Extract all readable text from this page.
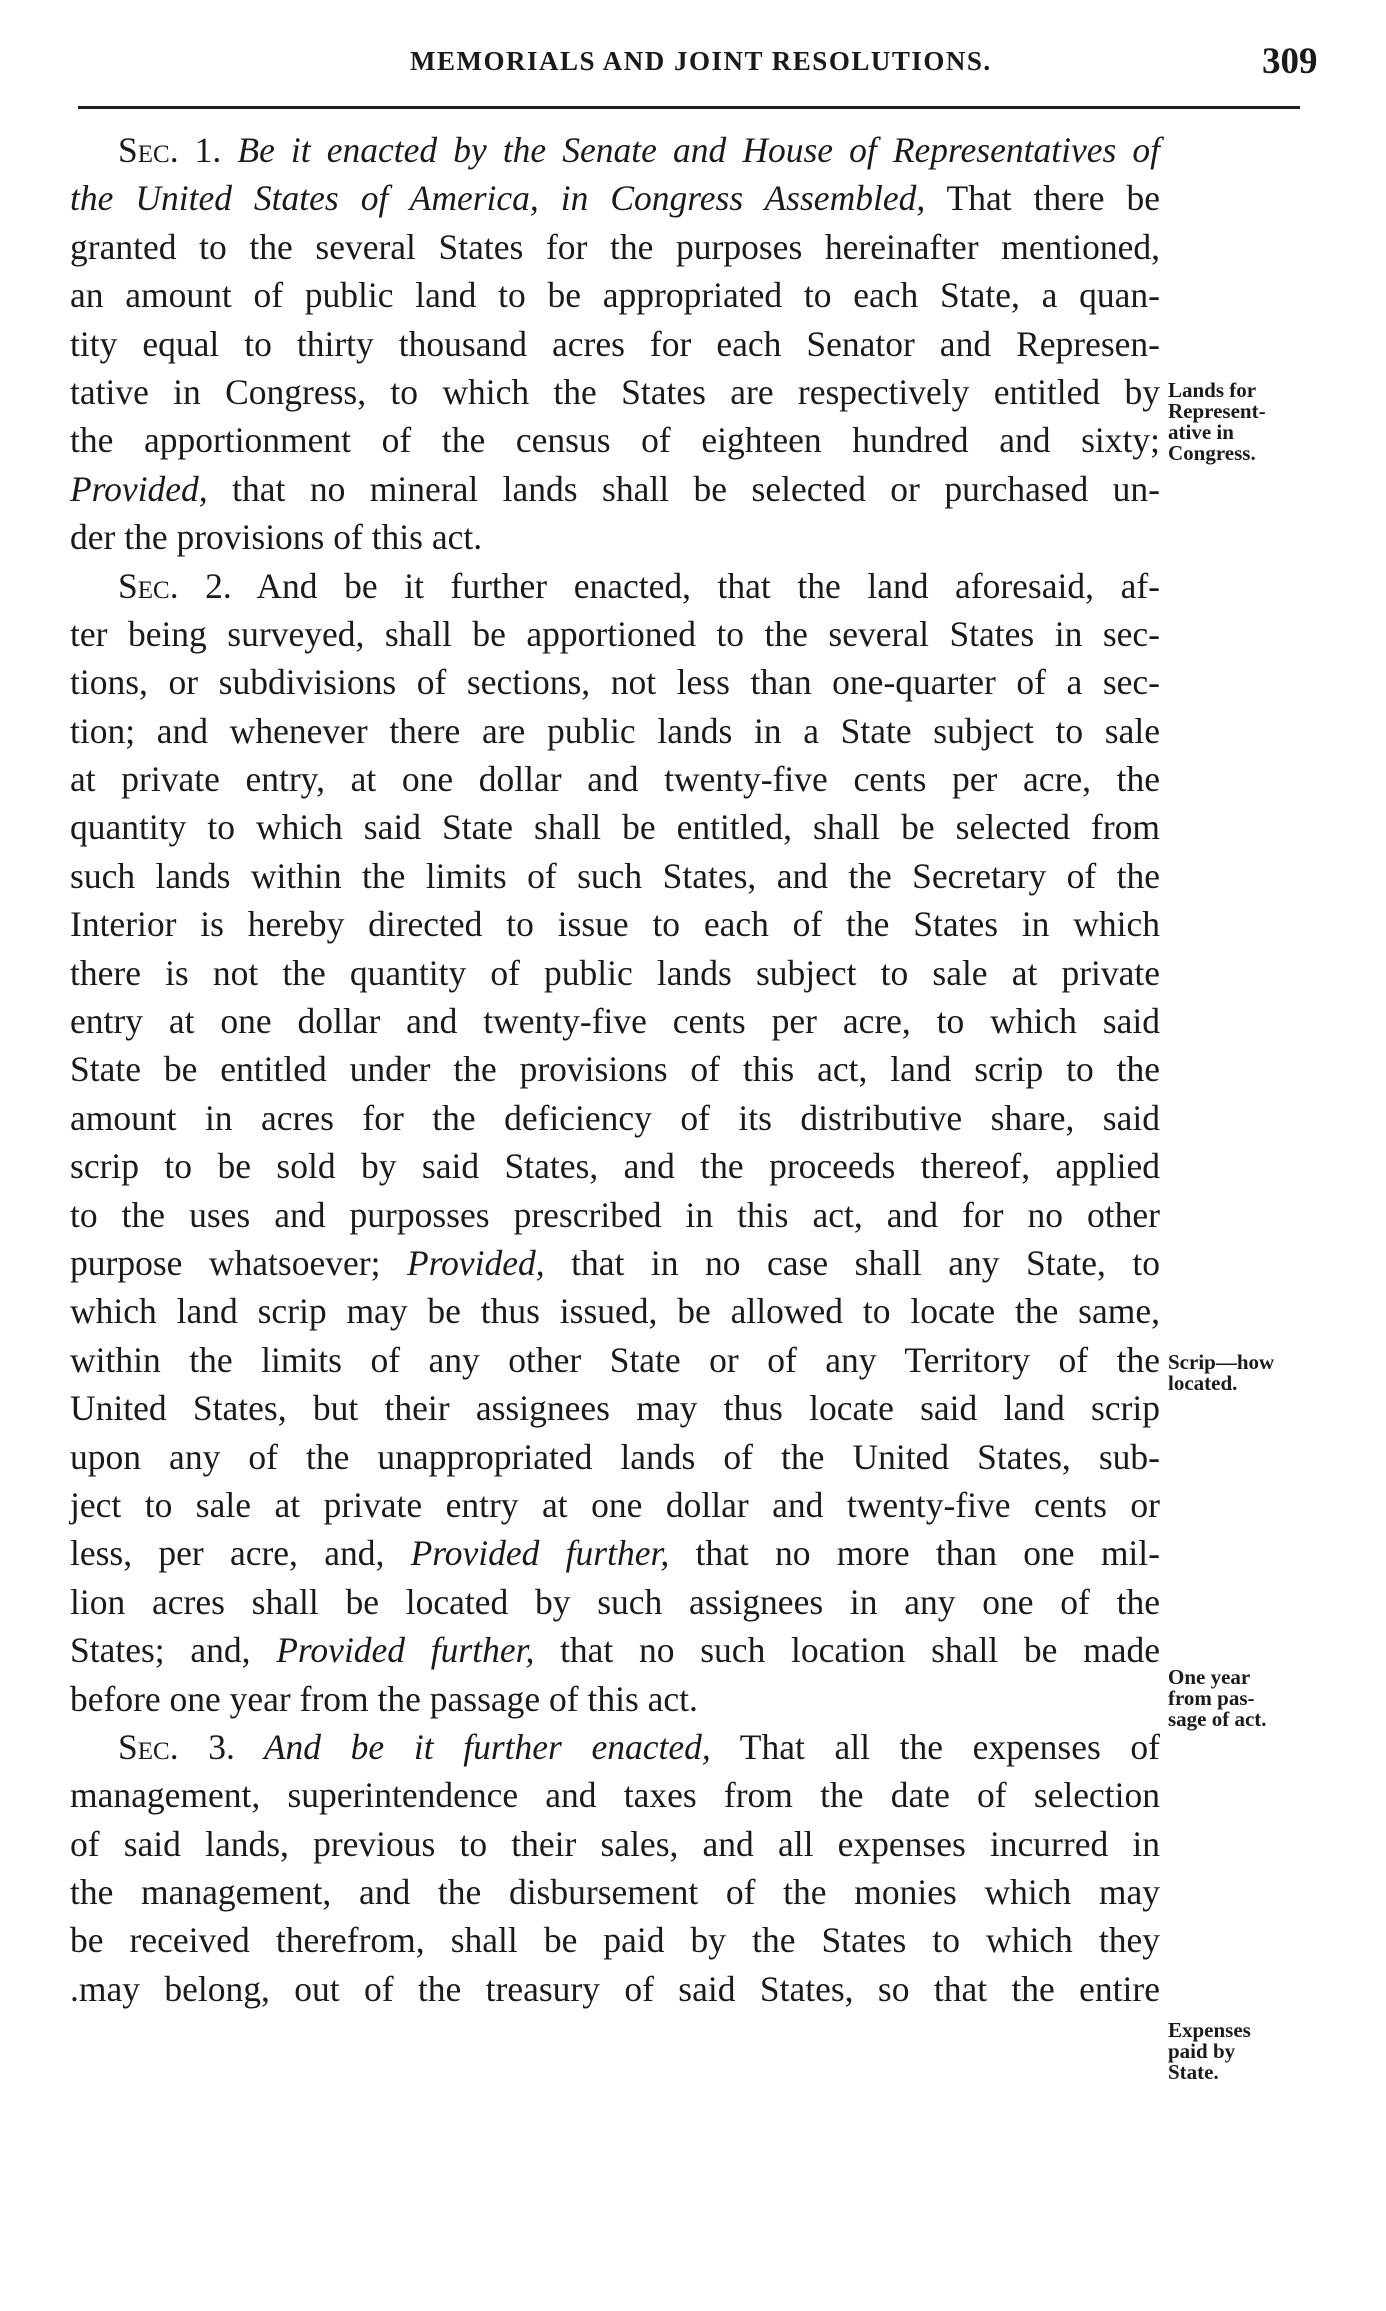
MEMORIALS AND JOINT RESOLUTIONS.	309
Sec. 1. Be it enacted by the Senate and House of Representatives of
the United States of America, in Congress Assembled, That there be
granted to the several States for the purposes hereinafter mentioned,
an amount of public land to be appropriated to each State, a quan-
tity equal to thirty thousand acres for each Senator and Represen-
tative in Congress, to which the States are respectively entitled by
the apportionment of the census of eighteen hundred and sixty;
Provided, that no mineral lands shall be selected or purchased un-
der the provisions of this act.
Sec. 2. And be it further enacted, that the land aforesaid, af-
ter being surveyed, shall be apportioned to the several States in sec-
tions, or subdivisions of sections, not less than one-quarter of a sec-
tion; and whenever there are public lands in a State subject to sale
at private entry, at one dollar and twenty-five cents per acre, the
quantity to which said State shall be entitled, shall be selected from
such lands within the limits of such States, and the Secretary of the
Interior is hereby directed to issue to each of the States in which
there is not the quantity of public lands subject to sale at private
entry at one dollar and twenty-five cents per acre, to which said
State be entitled under the provisions of this act, land scrip to the
amount in acres for the deficiency of its distributive share, said
scrip to be sold by said States, and the proceeds thereof, applied
to the uses and purposses prescribed in this act, and for no other
purpose whatsoever; Provided, that in no case shall any State, to
which land scrip may be thus issued, be allowed to locate the same,
within the limits of any other State or of any Territory of the
United States, but their assignees may thus locate said land scrip
upon any of the unappropriated lands of the United States, sub-
ject to sale at private entry at one dollar and twenty-five cents or
less, per acre, and, Provided further, that no more than one mil-
lion acres shall be located by such assignees in any one of the
States; and, Provided further, that no such location shall be made
before one year from the passage of this act.
Sec. 3. And be it further enacted, That all the expenses of
management, superintendence and taxes from the date of selection
of said lands, previous to their sales, and all expenses incurred in
the management, and the disbursement of the monies which may
be received therefrom, shall be paid by the States to which they
.may belong, out of the treasury of said States, so that the entire
Lands for
Represent-
ative in
Congress.
Scrip—how
located.
One year
from pas-
sage of act.
Expenses
paid by
State.
